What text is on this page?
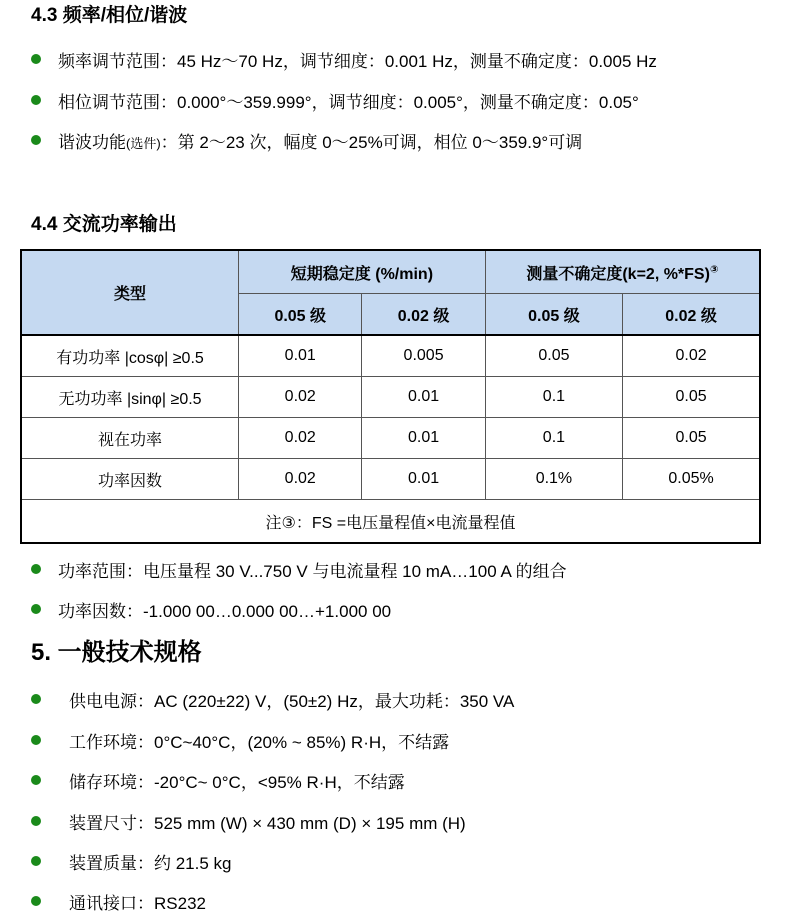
4.3 频率/相位/谐波
频率调节范围：45 Hz～70 Hz，调节细度：0.001 Hz，测量不确定度：0.005 Hz
相位调节范围：0.000°～359.999°，调节细度：0.005°，测量不确定度：0.05°
谐波功能(选件)：第 2～23 次，幅度 0～25%可调，相位 0～359.9°可调
4.4 交流功率输出
类型	短期稳定度 (%/min)		测量不确定度(k=2, %*FS)③
	0.05 级	0.02 级	0.05 级	0.02 级
有功功率 |cosφ| ≥0.5	0.01	0.005	0.05	0.02
无功功率 |sinφ| ≥0.5	0.02	0.01	0.1	0.05
视在功率	0.02	0.01	0.1	0.05
功率因数	0.02	0.01	0.1%	0.05%
注③：FS =电压量程值×电流量程值				
功率范围：电压量程 30 V...750 V 与电流量程 10 mA…100 A 的组合
功率因数：-1.000 00…0.000 00…+1.000 00
5. 一般技术规格
供电电源：AC (220±22) V，(50±2) Hz，最大功耗：350 VA
工作环境：0°C~40°C，(20% ~ 85%) R·H，不结露
储存环境：-20°C~ 0°C，<95% R·H，不结露
装置尺寸：525 mm (W) × 430 mm (D) × 195 mm (H)
装置质量：约 21.5 kg
通讯接口：RS232
